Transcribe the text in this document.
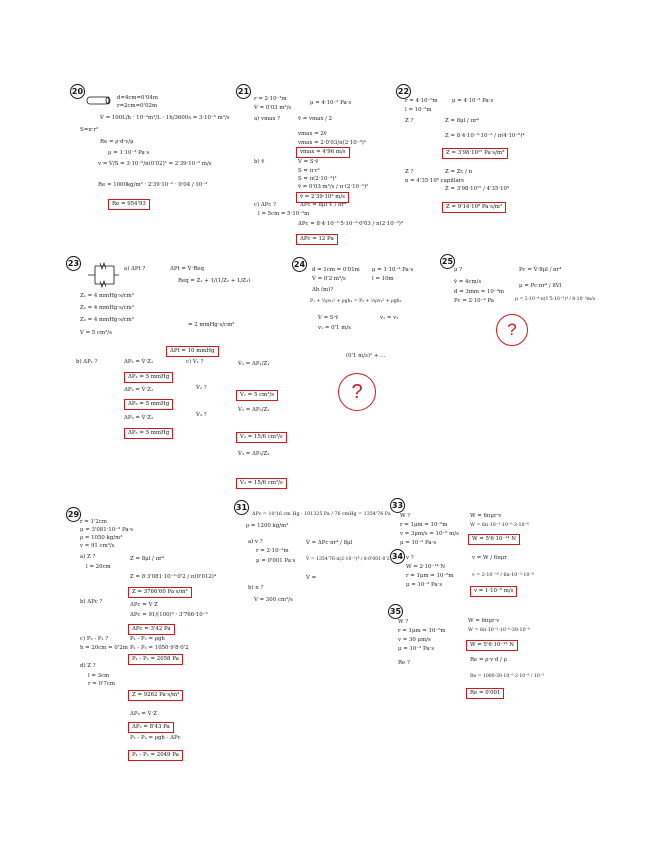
20
d=4cm=0'04m
r=2cm=0'02m
V̇ = 100L/h · 10⁻³m³/L · 1h/3600s = 3·10⁻⁵ m³/s
S=π·r²
Re = ρ·d·v/μ
μ = 1·10⁻³ Pa·s
v = V̇/S = 3·10⁻⁵/π(0'02)² = 2'39·10⁻² m/s
Re = 1000kg/m³ · 2'39·10⁻² · 0'04 / 10⁻³
Re = 954'93
21
r = 2·10⁻³m
V̇ = 0'03 m³/s
μ = 4·10⁻³ Pa·s
a) vmax ?	v̄ = vmax / 2
vmax = 2v̄
vmax = 2·0'03/π(2·10⁻³)²
vmax = 4'96 m/s
b) v̄	V̇ = S·v̄
S = π·r²
S = π(2·10⁻³)²
v̄ = 0'03 m³/s / π·(2·10⁻³)²
v̄ = 2'39·10³ m/s
c) ΔPc ?	ΔPc = 8μl·V̇ / πr⁴
l = 5cm = 5·10⁻²m
ΔPc = 8·4·10⁻³·5·10⁻²·0'03 / π(2·10⁻³)⁴
ΔPc = 12 Pa
22
r = 4·10⁻⁶m	μ = 4·10⁻³ Pa·s
l = 10⁻³m
Z ?	Z = 8μl / πr⁴
Z = 8·4·10⁻³·10⁻³ / π(4·10⁻⁶)⁴
Z = 3'98·10¹⁵ Pa·s/m³
Z ?
n = 4'35·10⁶ capillars
Z = Zc / n
Z = 3'98·10¹⁵ / 4'35·10⁶
Z = 9'14·10⁸ Pa·s/m³
23
a) ΔPt ?	ΔPt = V̇·Req
Req = Z₁ + 1/(1/Z₂ + 1/Z₃)
Z₁ = 4 mmHg·s/cm³
Z₂ = 4 mmHg·s/cm³
Z₃ = 4 mmHg·s/cm³
V̇ = 5 cm³/s
= 2 mmHg·s/cm³
ΔPt = 10 mmHg
b) ΔP₁ ?	ΔP₁ = V̇·Z₁
ΔP₁ = 5 mmHg
ΔP₂ = V̇·Z₂
ΔP₂ = 5 mmHg
ΔP₃ = V̇·Z₃
ΔP₃ = 5 mmHg
c) V̇₁ ?
V̇₂ ?
V̇₃ ?
V̇₁ = ΔP₁/Z₁
V̇₁ = 5 cm³/s
V̇₂ = ΔP₂/Z₂
V̇₂ = 15/6 cm³/s
V̇₃ = ΔP₃/Z₃
V̇₃ = 15/6 cm³/s
24
d = 1cm = 0'01m μ = 1·10⁻³ Pa·s
V̇ = 0'2 m³/s	l = 10m
Δh (m)?
P₁ + ½ρv₁² + ρgh₁ = P₂ + ½ρv₂² + ρgh₂
V̇ = S·v̄	v₁ = v₂
v₁ = 0'1 m/s
(0'1 m/s)² + ...
?
25
μ ?
v̄ = 4cm/s
d = 3mm = 10⁻³m
Pc = 2·10⁻⁴ Pa
Pc = V̇·8μl / πr⁴
μ = Pc·πr⁴ / 8V̇l
μ = 2·10⁻⁴·π(1'5·10⁻³)⁴ / 8·10⁻²m/s
?
29
r = 1'2cm
μ = 3'081·10⁻³ Pa·s
ρ = 1050 kg/m³
v = 91 cm³/s
a) Z ?
l = 20cm
Z = 8μl / πr⁴
Z = 8·3'081·10⁻³·0'2 / π(0'012)⁴
Z = 3766'60 Pa·s/m³
b) ΔPc ?	ΔPc = V̇·Z
ΔPc = 91/(100)³ · 3'766·10⁻⁵
ΔPc = 3'42 Pa
c) P₂ - P₁ ?
h = 20cm = 0'2m
P₁ - P₂ = ρgh
P₁ - P₂ = 1050·9'8·0'2
P₁ - P₂ = 2058 Pa
d) Z ?
l = 3cm
r = 0'7cm
Z = 9262 Pa·s/m³
ΔP₂ = V̇·Z
ΔP₂ = 8'43 Pa
P₁ - P₂ = ρgh - ΔPc
P₁ - P₂ = 2049 Pa
31
ΔPc = 10'16 cm Hg · 101325 Pa / 76 cmHg = 1354'76 Pa
ρ = 1200 kg/m³
a) v ?
r = 2·10⁻³m
μ = 0'001 Pa·s
V̇ = ΔPc·πr⁴ / 8μl
V̇ = 1354'76·π(2·10⁻³)⁴ / 8·0'001·0'2
V̇ =
b) n ?
V̇ = 300 cm³/s
33
W ?
r = 1μm = 10⁻⁶m
v = 3μm/s = 10⁻⁶ m/s
μ = 10⁻³ Pa·s
W = 6πμr·v
W = 6π·10⁻³·10⁻⁶·3·10⁻⁶
W = 5'6·10⁻¹⁴ N
34 v ?
W = 2·10⁻¹⁴ N
r = 1μm = 10⁻⁶m
μ = 10⁻³ Pa·s
v = W / 6πμr
v = 2·10⁻¹⁴ / 6π·10⁻³·10⁻⁶
v = 1·10⁻⁶ m/s
35
W ?
r = 1μm = 10⁻⁶m
v = 30 μm/s
μ = 10⁻³ Pa·s
Re ?
W = 6πμr·v
W = 6π·10⁻³·10⁻⁶·30·10⁻⁶
W = 5'6·10⁻¹³ N
Re = ρ·v·d / μ
Re = 1000·30·10⁻⁶·2·10⁻⁶ / 10⁻³
Re = 0'001
